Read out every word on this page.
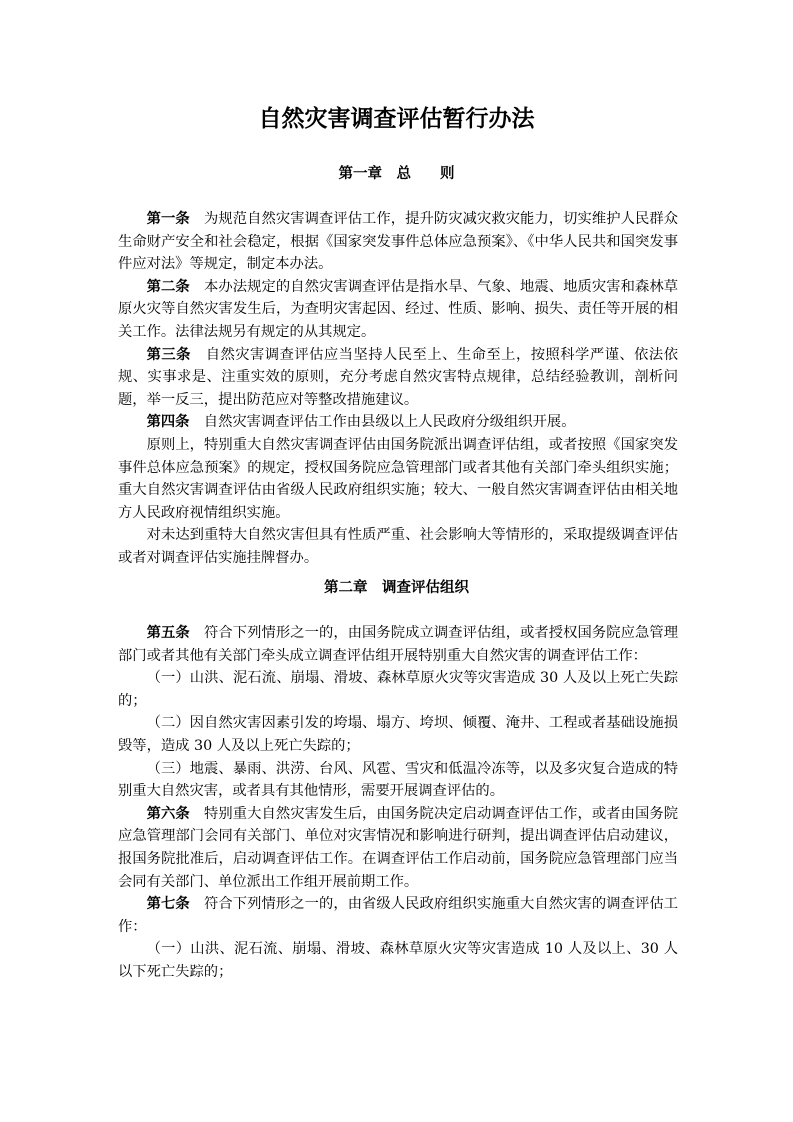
自然灾害调查评估暂行办法
第一章　总　　则

第一条 为规范自然灾害调查评估工作，提升防灾减灾救灾能力，切实维护人民群众生命财产安全和社会稳定，根据《国家突发事件总体应急预案》、《中华人民共和国突发事件应对法》等规定，制定本办法。

第二条 本办法规定的自然灾害调查评估是指水旱、气象、地震、地质灾害和森林草原火灾等自然灾害发生后，为查明灾害起因、经过、性质、影响、损失、责任等开展的相关工作。法律法规另有规定的从其规定。

第三条 自然灾害调查评估应当坚持人民至上、生命至上，按照科学严谨、依法依规、实事求是、注重实效的原则，充分考虑自然灾害特点规律，总结经验教训，剖析问题，举一反三，提出防范应对等整改措施建议。

第四条 自然灾害调查评估工作由县级以上人民政府分级组织开展。

原则上，特别重大自然灾害调查评估由国务院派出调查评估组，或者按照《国家突发事件总体应急预案》的规定，授权国务院应急管理部门或者其他有关部门牵头组织实施；重大自然灾害调查评估由省级人民政府组织实施；较大、一般自然灾害调查评估由相关地方人民政府视情组织实施。

对未达到重特大自然灾害但具有性质严重、社会影响大等情形的，采取提级调查评估或者对调查评估实施挂牌督办。

第二章　调查评估组织

第五条 符合下列情形之一的，由国务院成立调查评估组，或者授权国务院应急管理部门或者其他有关部门牵头成立调查评估组开展特别重大自然灾害的调查评估工作：

（一）山洪、泥石流、崩塌、滑坡、森林草原火灾等灾害造成 30 人及以上死亡失踪的；

（二）因自然灾害因素引发的垮塌、塌方、垮坝、倾覆、淹井、工程或者基础设施损毁等，造成 30 人及以上死亡失踪的；

（三）地震、暴雨、洪涝、台风、风雹、雪灾和低温冷冻等，以及多灾复合造成的特别重大自然灾害，或者具有其他情形，需要开展调查评估的。

第六条 特别重大自然灾害发生后，由国务院决定启动调查评估工作，或者由国务院应急管理部门会同有关部门、单位对灾害情况和影响进行研判，提出调查评估启动建议，报国务院批准后，启动调查评估工作。在调查评估工作启动前，国务院应急管理部门应当会同有关部门、单位派出工作组开展前期工作。

第七条 符合下列情形之一的，由省级人民政府组织实施重大自然灾害的调查评估工作：

（一）山洪、泥石流、崩塌、滑坡、森林草原火灾等灾害造成 10 人及以上、30 人以下死亡失踪的；
